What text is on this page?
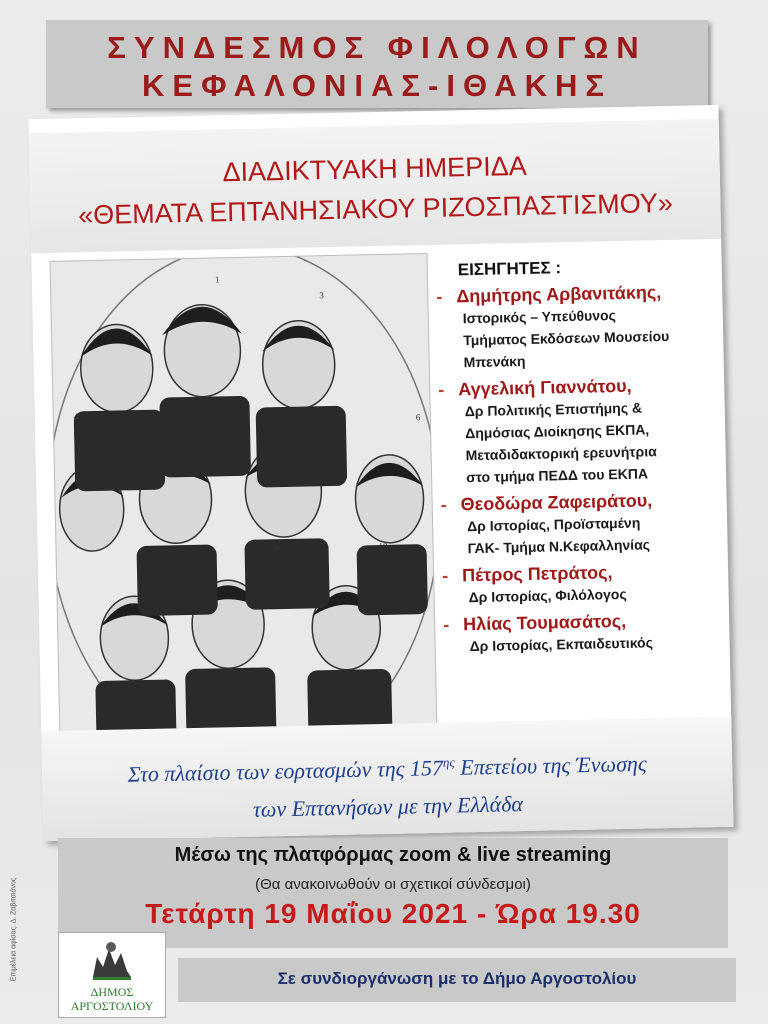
ΣΥΝΔΕΣΜΟΣ ΦΙΛΟΛΟΓΩΝ
ΚΕΦΑΛΟΝΙΑΣ-ΙΘΑΚΗΣ
ΔΙΑΔΙΚΤΥΑΚΗ ΗΜΕΡΙΔΑ
«ΘΕΜΑΤΑ ΕΠΤΑΝΗΣΙΑΚΟΥ ΡΙΖΟΣΠΑΣΤΙΣΜΟΥ»
1
3
4	6
9	10
ΕΙΣΗΓΗΤΕΣ :
- Δημήτρης Αρβανιτάκης,
Ιστορικός – Υπεύθυνος
Τμήματος Εκδόσεων Μουσείου
Μπενάκη
- Αγγελική Γιαννάτου,
Δρ Πολιτικής Επιστήμης &
Δημόσιας Διοίκησης ΕΚΠΑ,
Μεταδιδακτορική ερευνήτρια
στο τμήμα ΠΕΔΔ του ΕΚΠΑ
- Θεοδώρα Ζαφειράτου,
Δρ Ιστορίας, Προϊσταμένη
ΓΑΚ- Τμήμα Ν.Κεφαλληνίας
- Πέτρος Πετράτος,
Δρ Ιστορίας, Φιλόλογος
- Ηλίας Τουμασάτος,
Δρ Ιστορίας, Εκπαιδευτικός
Στο πλαίσιο των εορτασμών της $157^{\eta\varsigma}$ Επετείου της Ένωσης
των Επτανήσων με την Ελλάδα
Μέσω της πλατφόρμας zoom & live streaming
(Θα ανακοινωθούν οι σχετικοί σύνδεσμοι)
Τετάρτη 19 Μαΐου 2021 - Ώρα 19.30
ΔΗΜΟΣ
ΑΡΓΟΣΤΟΛΙΟΥ
Σε συνδιοργάνωση με το Δήμο Αργοστολίου
Επιμέλεια αφίσας: Δ. Ζαβιτσιάνος
